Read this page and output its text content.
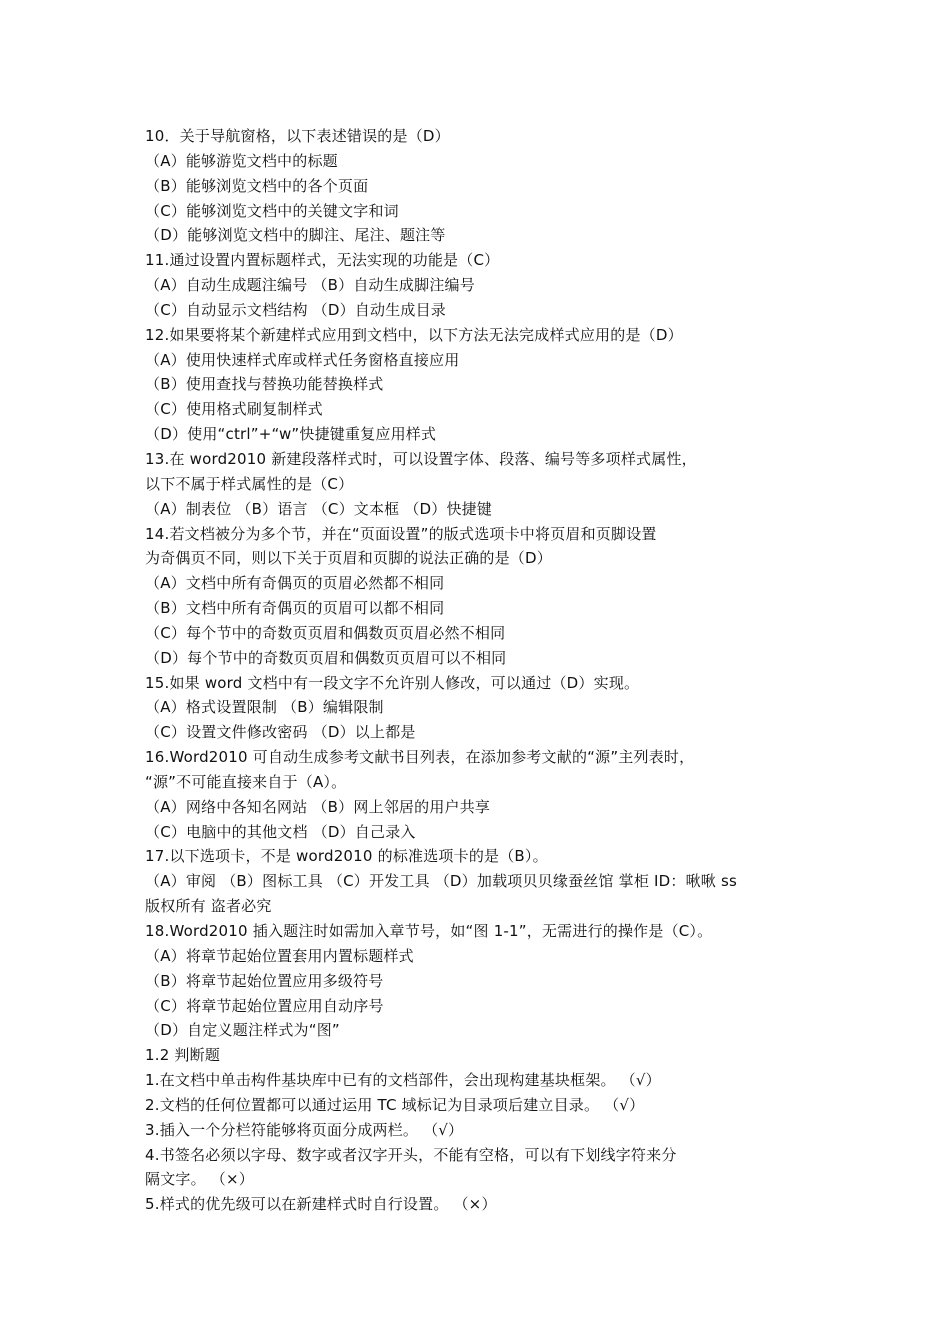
10．关于导航窗格，以下表述错误的是（D）
（A）能够游览文档中的标题
（B）能够浏览文档中的各个页面
（C）能够浏览文档中的关键文字和词
（D）能够浏览文档中的脚注、尾注、题注等
11.通过设置内置标题样式，无法实现的功能是（C）
（A）自动生成题注编号 （B）自动生成脚注编号
（C）自动显示文档结构 （D）自动生成目录
12.如果要将某个新建样式应用到文档中，以下方法无法完成样式应用的是（D）
（A）使用快速样式库或样式任务窗格直接应用
（B）使用查找与替换功能替换样式
（C）使用格式刷复制样式
（D）使用“ctrl”+“w”快捷键重复应用样式
13.在 word2010 新建段落样式时，可以设置字体、段落、编号等多项样式属性，
以下不属于样式属性的是（C）
（A）制表位 （B）语言 （C）文本框 （D）快捷键
14.若文档被分为多个节，并在“页面设置”的版式选项卡中将页眉和页脚设置
为奇偶页不同，则以下关于页眉和页脚的说法正确的是（D）
（A）文档中所有奇偶页的页眉必然都不相同
（B）文档中所有奇偶页的页眉可以都不相同
（C）每个节中的奇数页页眉和偶数页页眉必然不相同
（D）每个节中的奇数页页眉和偶数页页眉可以不相同
15.如果 word 文档中有一段文字不允许别人修改，可以通过（D）实现。
（A）格式设置限制 （B）编辑限制
（C）设置文件修改密码 （D）以上都是
16.Word2010 可自动生成参考文献书目列表，在添加参考文献的“源”主列表时，
“源”不可能直接来自于（A）。
（A）网络中各知名网站 （B）网上邻居的用户共享
（C）电脑中的其他文档 （D）自己录入
17.以下选项卡，不是 word2010 的标准选项卡的是（B）。
（A）审阅 （B）图标工具 （C）开发工具 （D）加载项贝贝缘蚕丝馆 掌柜 ID：啾啾 ss
版权所有 盗者必究
18.Word2010 插入题注时如需加入章节号，如“图 1-1”，无需进行的操作是（C）。
（A）将章节起始位置套用内置标题样式
（B）将章节起始位置应用多级符号
（C）将章节起始位置应用自动序号
（D）自定义题注样式为“图”
1.2 判断题
1.在文档中单击构件基块库中已有的文档部件，会出现构建基块框架。 （√）
2.文档的任何位置都可以通过运用 TC 域标记为目录项后建立目录。 （√）
3.插入一个分栏符能够将页面分成两栏。 （√）
4.书签名必须以字母、数字或者汉字开头，不能有空格，可以有下划线字符来分
隔文字。 （×）
5.样式的优先级可以在新建样式时自行设置。 （×）
